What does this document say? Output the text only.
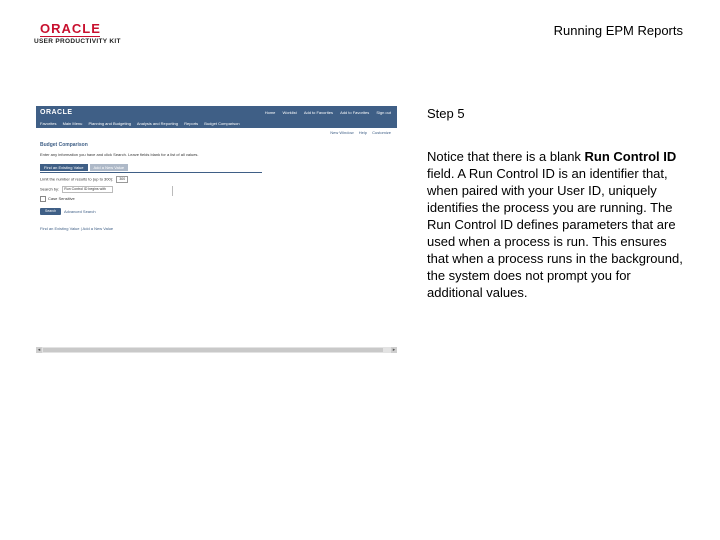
ORACLE
USER PRODUCTIVITY KIT
Running EPM Reports
ORACLE	Home Worklist Add to Favorites Add to Favorites Sign out
Favorites Main Menu Planning and Budgeting Analysis and Reporting Reports Budget Comparison
New Window Help Customize
Budget Comparison
Enter any information you have and click Search. Leave fields blank for a list of all values.
Find an Existing Value	Add a New Value
Limit the number of results to (up to 300): 300
Search by: Run Control ID begins with
Case Sensitive
Search	Advanced Search
Find an Existing Value | Add a New Value
◂	▸
Step 5
Notice that there is a blank Run Control ID field. A Run Control ID is an identifier that, when paired with your User ID, uniquely identifies the process you are running. The Run Control ID defines parameters that are used when a process is run. This ensures that when a process runs in the background, the system does not prompt you for additional values.
